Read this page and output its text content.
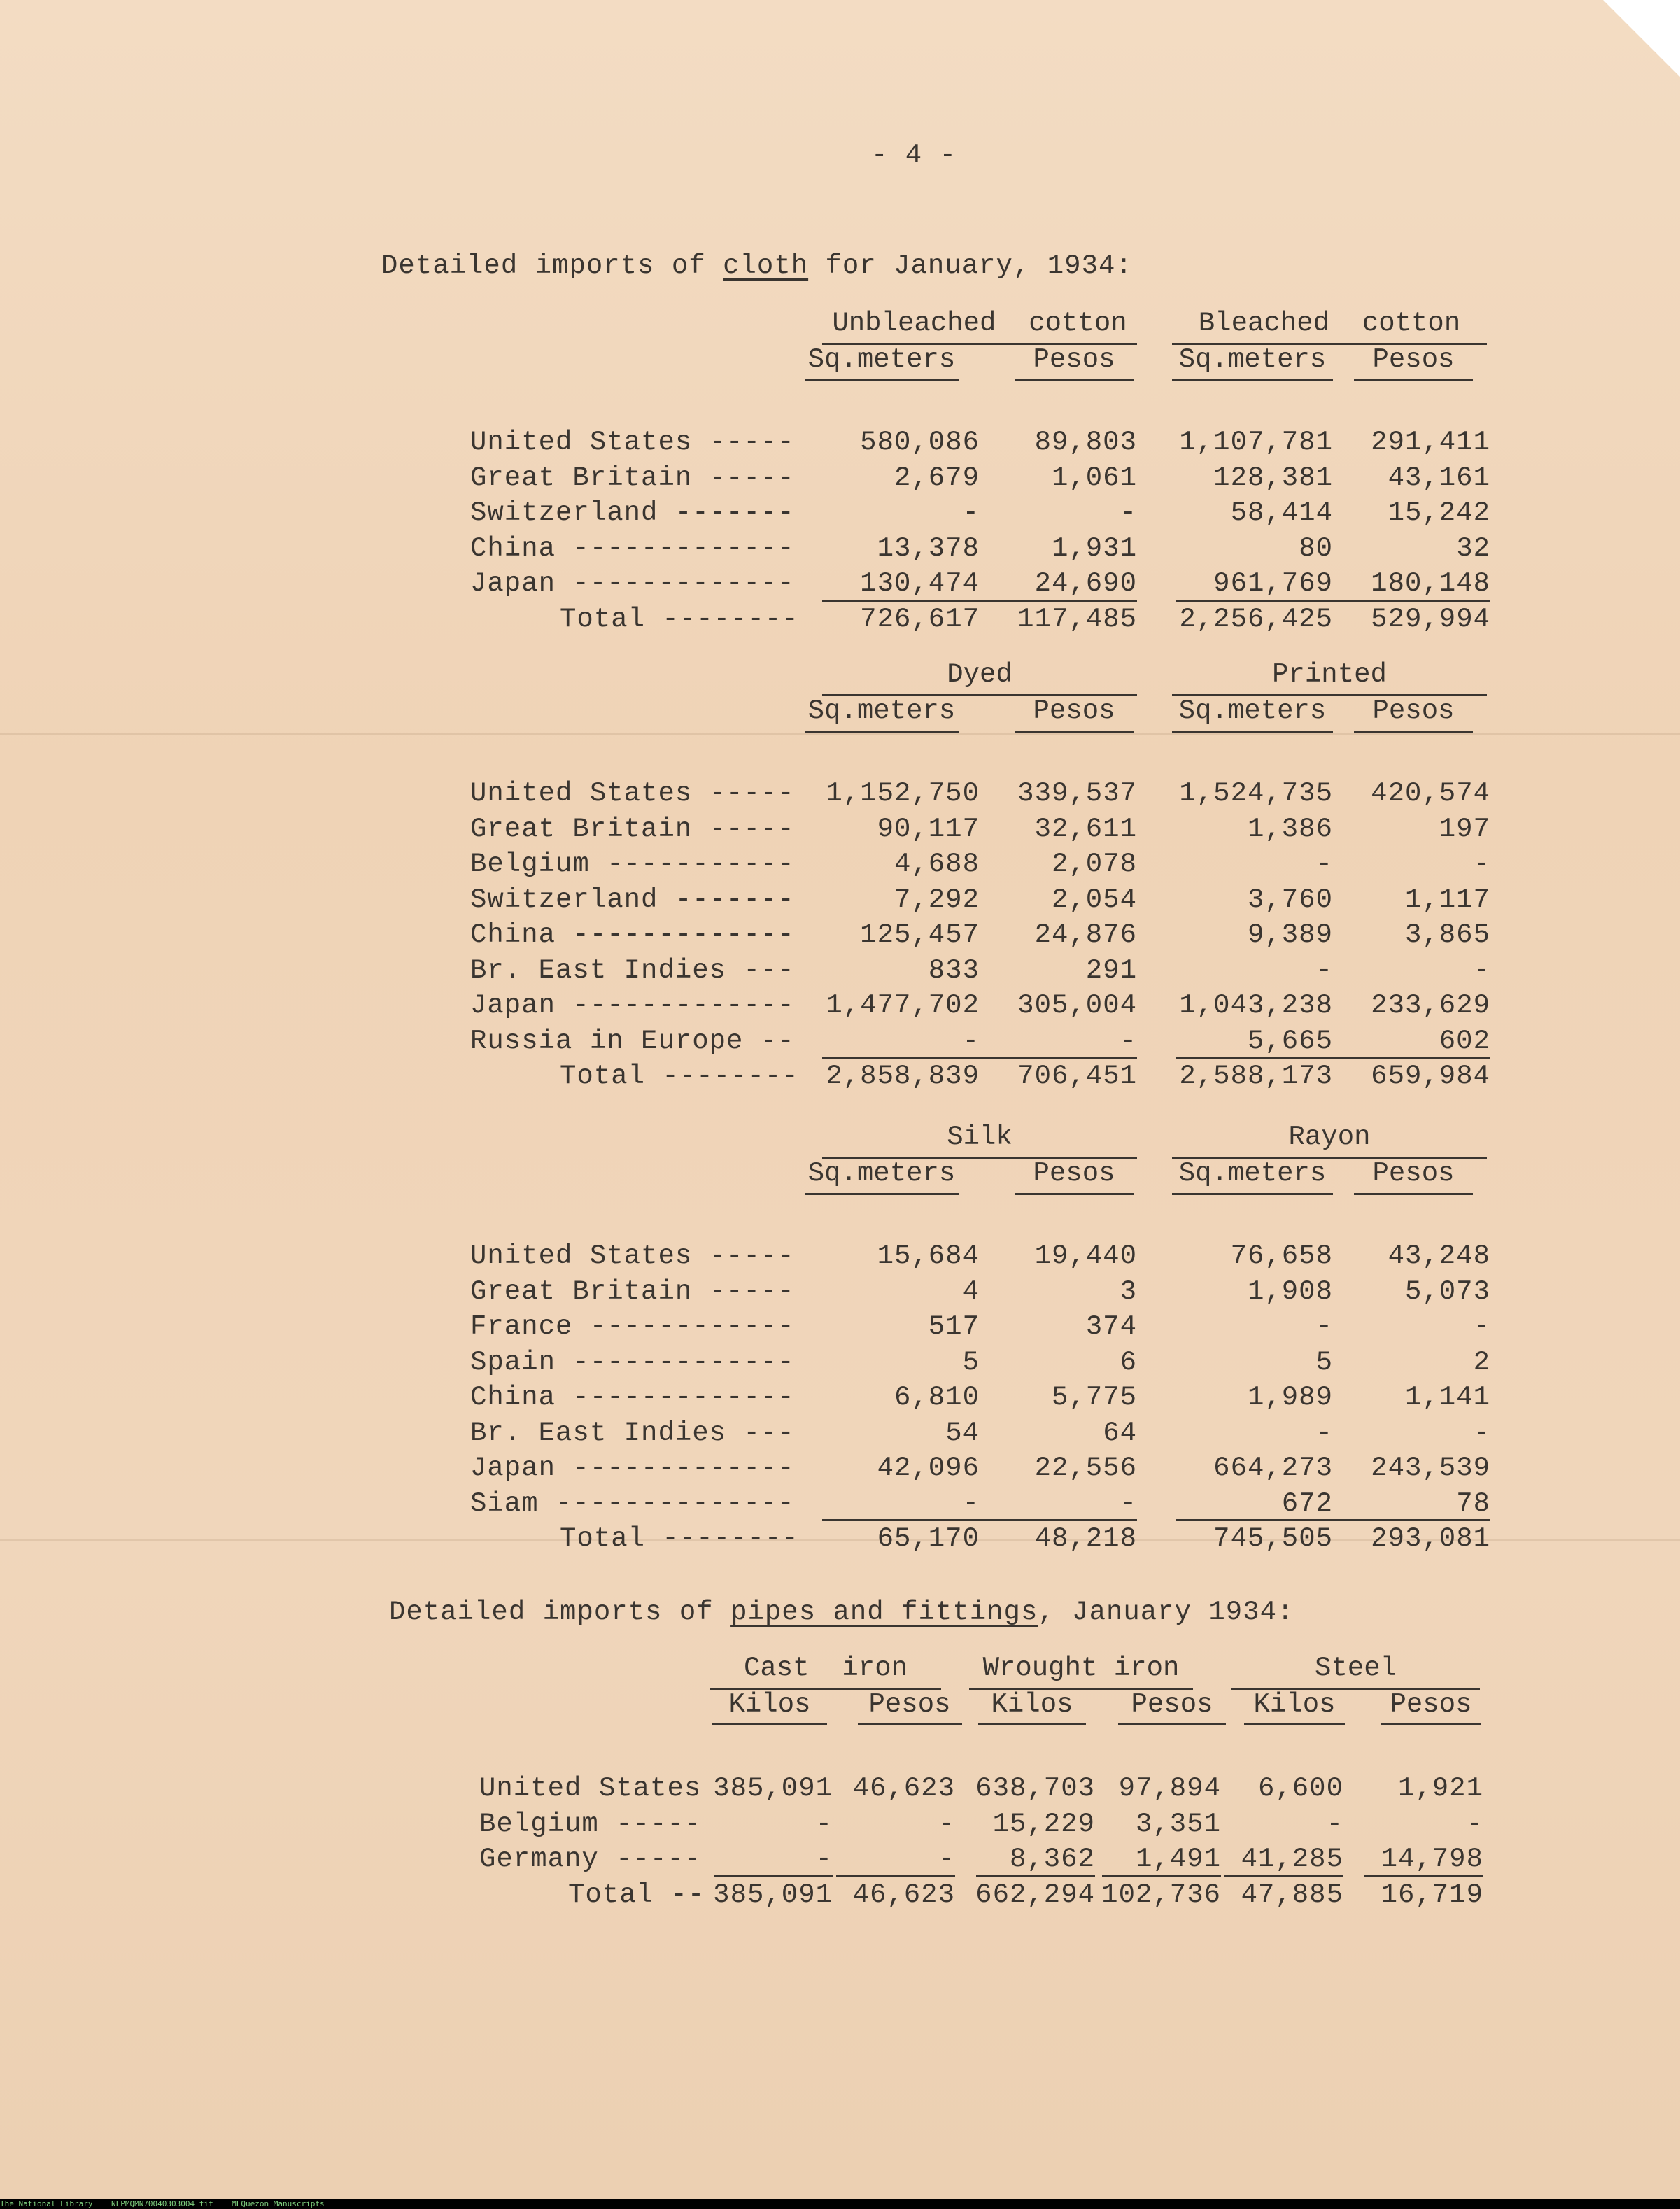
- 4 -
Detailed imports of cloth for January, 1934:
Unbleached  cotton	Bleached  cotton
Sq.meters	Pesos	Sq.meters	Pesos
United States -----	580,086	89,803	1,107,781	291,411
Great Britain -----	2,679	1,061	128,381	43,161
Switzerland -------	-	-	58,414	15,242
China -------------	13,378	1,931	80	32
Japan -------------	130,474	24,690	961,769	180,148
Total --------	726,617	117,485	2,256,425	529,994
Dyed	Printed
Sq.meters	Pesos	Sq.meters	Pesos
United States -----	1,152,750	339,537	1,524,735	420,574
Great Britain -----	90,117	32,611	1,386	197
Belgium -----------	4,688	2,078	-	-
Switzerland -------	7,292	2,054	3,760	1,117
China -------------	125,457	24,876	9,389	3,865
Br. East Indies ---	833	291	-	-
Japan -------------	1,477,702	305,004	1,043,238	233,629
Russia in Europe --	-	-	5,665	602
Total -------- 2,858,839	706,451	2,588,173	659,984
Silk	Rayon
Sq.meters	Pesos	Sq.meters	Pesos
United States -----	15,684	19,440	76,658	43,248
Great Britain -----	4	3	1,908	5,073
France ------------	517	374	-	-
Spain -------------	5	6	5	2
China -------------	6,810	5,775	1,989	1,141
Br. East Indies ---	54	64	-	-
Japan -------------	42,096	22,556	664,273	243,539
Siam --------------	-	-	672	78
Total --------	65,170	48,218	745,505	293,081
Detailed imports of pipes and fittings, January 1934:
Cast  iron	Wrought iron	Steel
Kilos	Pesos	Kilos	Pesos	Kilos	Pesos
United States 385,091 46,623 638,703 97,894	6,600	1,921
Belgium -----	-	-	15,229	3,351	-	-
Germany -----	-	-	8,362	1,491 41,285	14,798
Total -- 385,091 46,623 662,294 102,736 47,885	16,719
The National Library NLPMQMN70040303004 tif MLQuezon Manuscripts
